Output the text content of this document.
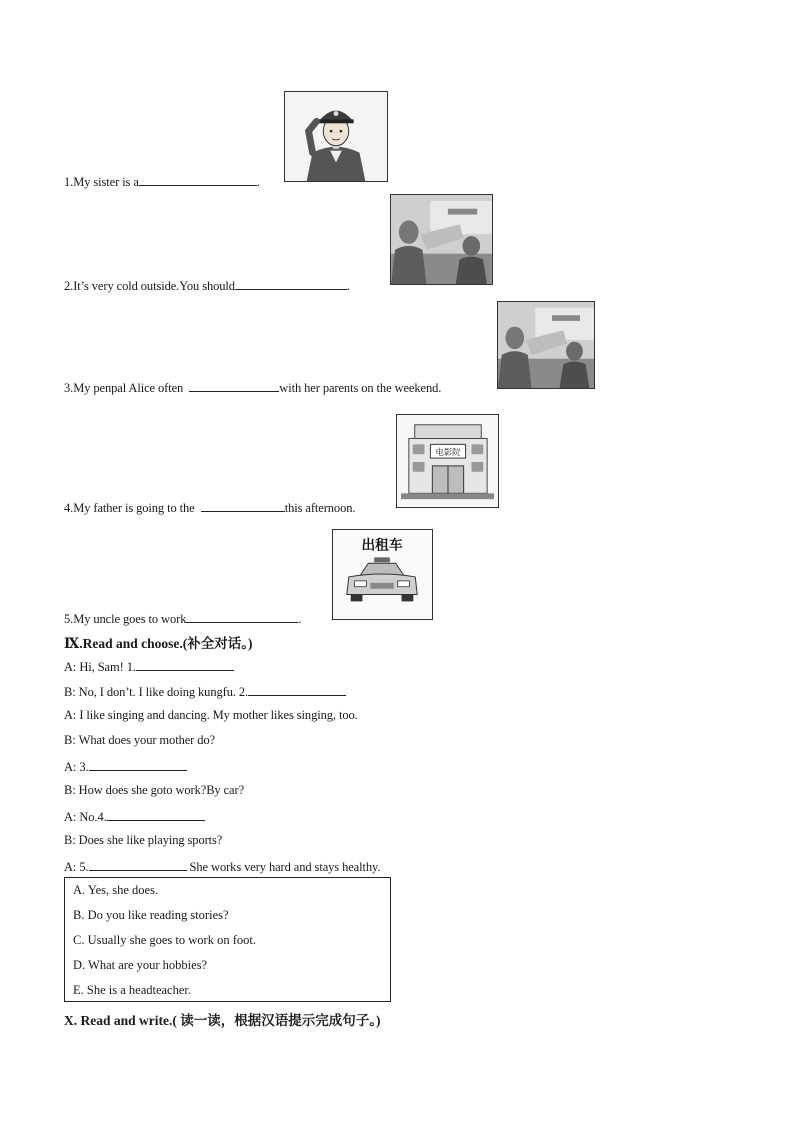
1.My sister is a	.
2.It’s very cold outside.You should	.
3.My penpal Alice often	with her parents on the weekend.
电影院
4.My father is going to the	this afternoon.
出租车
5.My uncle goes to work	.
Ⅸ.Read and choose.(补全对话。)
A: Hi, Sam! 1.
B: No, I don’t. I like doing kungfu. 2.
A: I like singing and dancing. My mother likes singing, too.
B: What does your mother do?
A: 3.
B: How does she goto work?By car?
A: No.4.
B: Does she like playing sports?
A: 5.	She works very hard and stays healthy.
A. Yes, she does.
B. Do you like reading stories?
C. Usually she goes to work on foot.
D. What are your hobbies?
E. She is a headteacher.
X. Read and write.( 读一读，根据汉语提示完成句子。)
